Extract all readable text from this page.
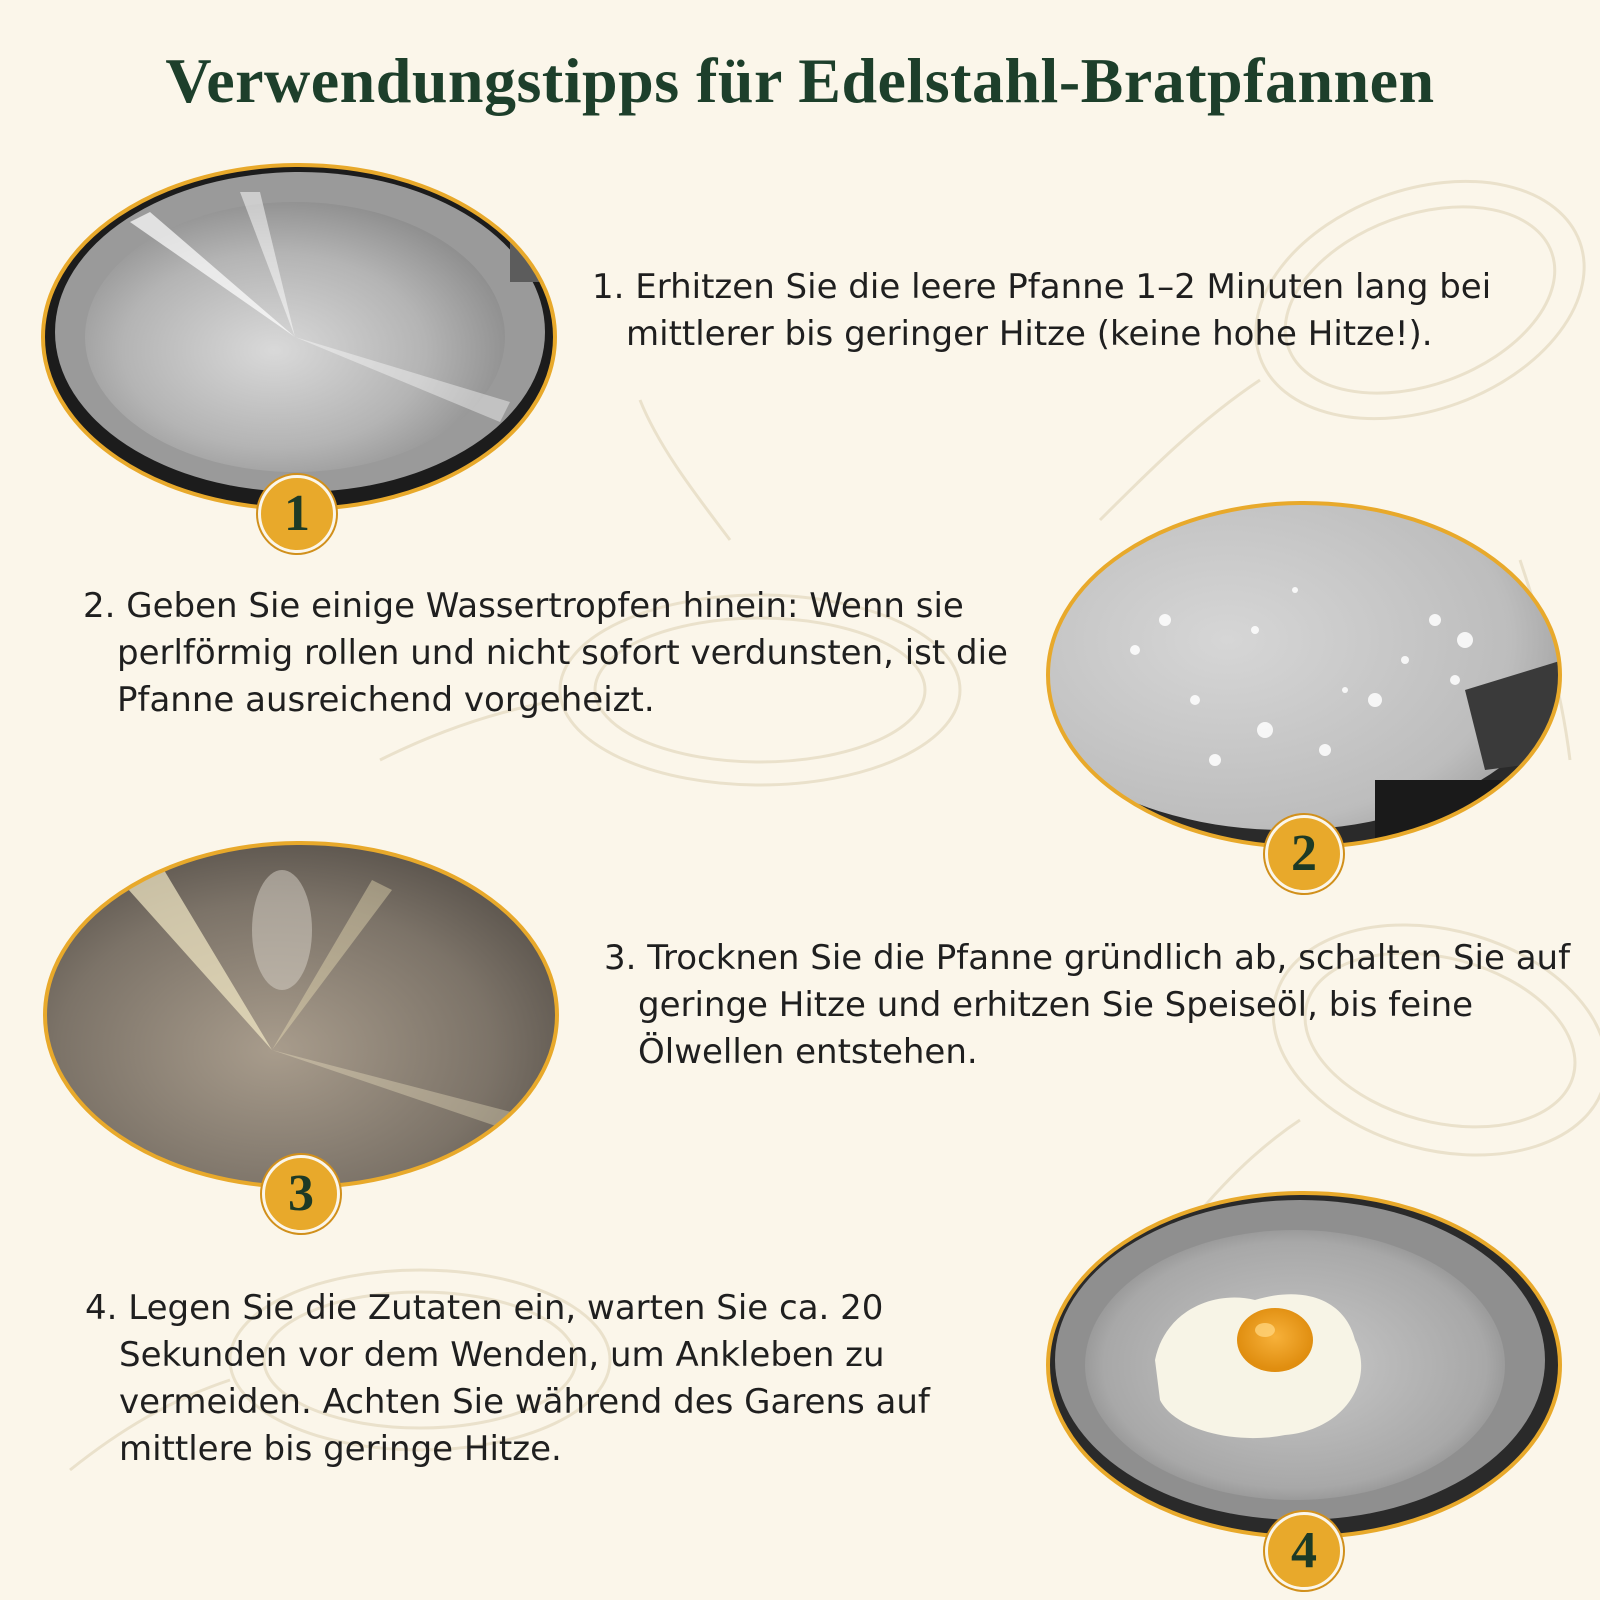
Verwendungstipps für Edelstahl-Bratpfannen
1
2
3
4

1. Erhitzen Sie die leere Pfanne 1–2 Minuten lang bei mittlerer bis geringer Hitze (keine hohe Hitze!).

2. Geben Sie einige Wassertropfen hinein: Wenn sie perlförmig rollen und nicht sofort verdunsten, ist die Pfanne ausreichend vorgeheizt.

3. Trocknen Sie die Pfanne gründlich ab, schalten Sie auf geringe Hitze und erhitzen Sie Speiseöl, bis feine Ölwellen entstehen.

4. Legen Sie die Zutaten ein, warten Sie ca. 20 Sekunden vor dem Wenden, um Ankleben zu vermeiden. Achten Sie während des Garens auf mittlere bis geringe Hitze.
